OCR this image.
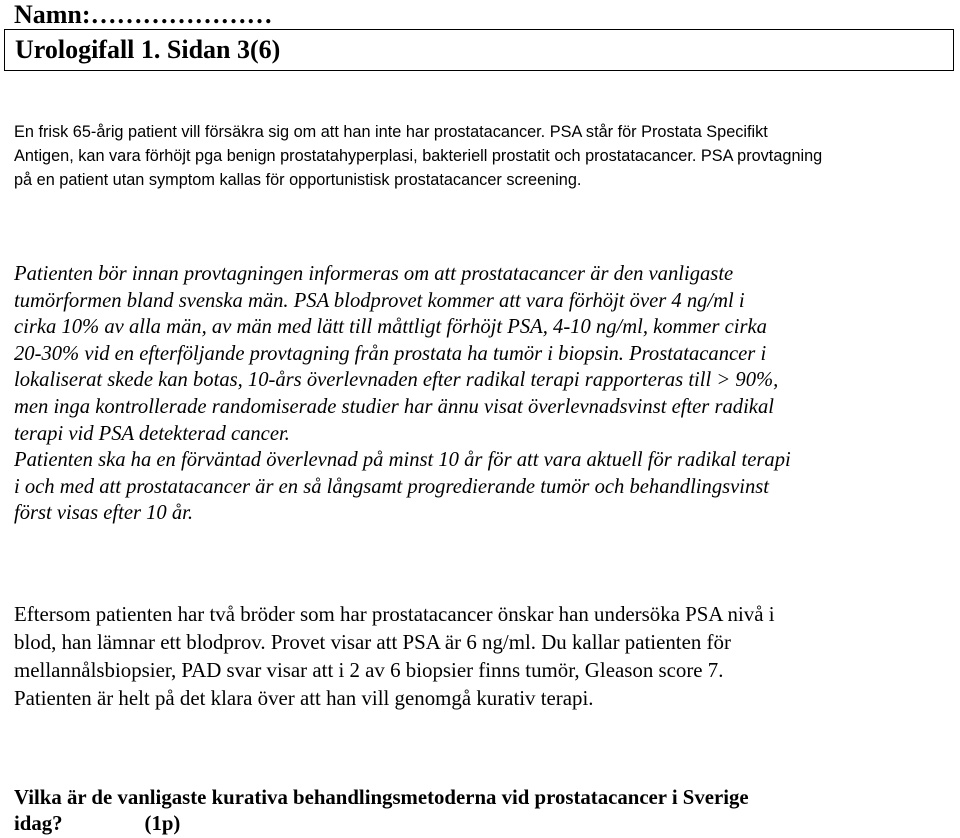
Namn:…………………
Urologifall 1. Sidan 3(6)
En frisk 65-årig patient vill försäkra sig om att han inte har prostatacancer. PSA står för Prostata Specifikt
Antigen, kan vara förhöjt pga benign prostatahyperplasi, bakteriell prostatit och prostatacancer. PSA provtagning
på en patient utan symptom kallas för opportunistisk prostatacancer screening.
Patienten bör innan provtagningen informeras om att prostatacancer är den vanligaste
tumörformen bland svenska män. PSA blodprovet kommer att vara förhöjt över 4 ng/ml i
cirka 10% av alla män, av män med lätt till måttligt förhöjt PSA, 4-10 ng/ml, kommer cirka
20-30% vid en efterföljande provtagning från prostata ha tumör i biopsin. Prostatacancer i
lokaliserat skede kan botas, 10-års överlevnaden efter radikal terapi rapporteras till > 90%,
men inga kontrollerade randomiserade studier har ännu visat överlevnadsvinst efter radikal
terapi vid PSA detekterad cancer.
Patienten ska ha en förväntad överlevnad på minst 10 år för att vara aktuell för radikal terapi
i och med att prostatacancer är en så långsamt progredierande tumör och behandlingsvinst
först visas efter 10 år.
Eftersom patienten har två bröder som har prostatacancer önskar han undersöka PSA nivå i
blod, han lämnar ett blodprov. Provet visar att PSA är 6 ng/ml. Du kallar patienten för
mellannålsbiopsier, PAD svar visar att i 2 av 6 biopsier finns tumör, Gleason score 7.
Patienten är helt på det klara över att han vill genomgå kurativ terapi.
Vilka är de vanligaste kurativa behandlingsmetoderna vid prostatacancer i Sverige
idag?	(1p)
